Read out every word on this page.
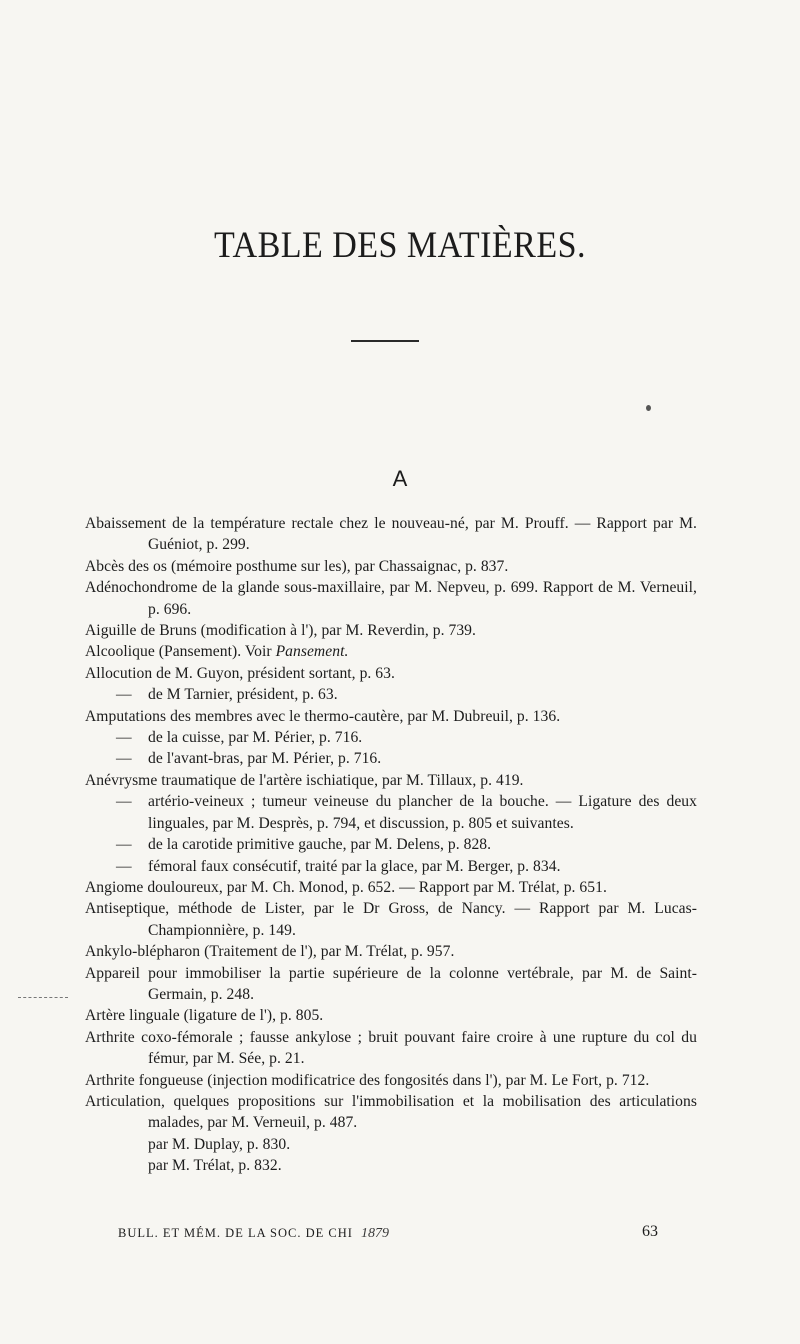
TABLE DES MATIÈRES.
A
Abaissement de la température rectale chez le nouveau-né, par M. Prouff. — Rapport par M. Guéniot, p. 299.
Abcès des os (mémoire posthume sur les), par Chassaignac, p. 837.
Adénochondrome de la glande sous-maxillaire, par M. Nepveu, p. 699. Rapport de M. Verneuil, p. 696.
Aiguille de Bruns (modification à l'), par M. Reverdin, p. 739.
Alcoolique (Pansement). Voir Pansement.
Allocution de M. Guyon, président sortant, p. 63.
— de M Tarnier, président, p. 63.
Amputations des membres avec le thermo-cautère, par M. Dubreuil, p. 136.
— de la cuisse, par M. Périer, p. 716.
— de l'avant-bras, par M. Périer, p. 716.
Anévrysme traumatique de l'artère ischiatique, par M. Tillaux, p. 419.
— artério-veineux ; tumeur veineuse du plancher de la bouche. — Ligature des deux linguales, par M. Desprès, p. 794, et discussion, p. 805 et suivantes.
— de la carotide primitive gauche, par M. Delens, p. 828.
— fémoral faux consécutif, traité par la glace, par M. Berger, p. 834.
Angiome douloureux, par M. Ch. Monod, p. 652. — Rapport par M. Trélat, p. 651.
Antiseptique, méthode de Lister, par le Dr Gross, de Nancy. — Rapport par M. Lucas-Championnière, p. 149.
Ankylo-blépharon (Traitement de l'), par M. Trélat, p. 957.
Appareil pour immobiliser la partie supérieure de la colonne vertébrale, par M. de Saint-Germain, p. 248.
Artère linguale (ligature de l'), p. 805.
Arthrite coxo-fémorale ; fausse ankylose ; bruit pouvant faire croire à une rupture du col du fémur, par M. Sée, p. 21.
Arthrite fongueuse (injection modificatrice des fongosités dans l'), par M. Le Fort, p. 712.
Articulation, quelques propositions sur l'immobilisation et la mobilisation des articulations malades, par M. Verneuil, p. 487.
par M. Duplay, p. 830.
par M. Trélat, p. 832.
BULL. ET MÉM. DE LA SOC. DE CHI 1879	63
